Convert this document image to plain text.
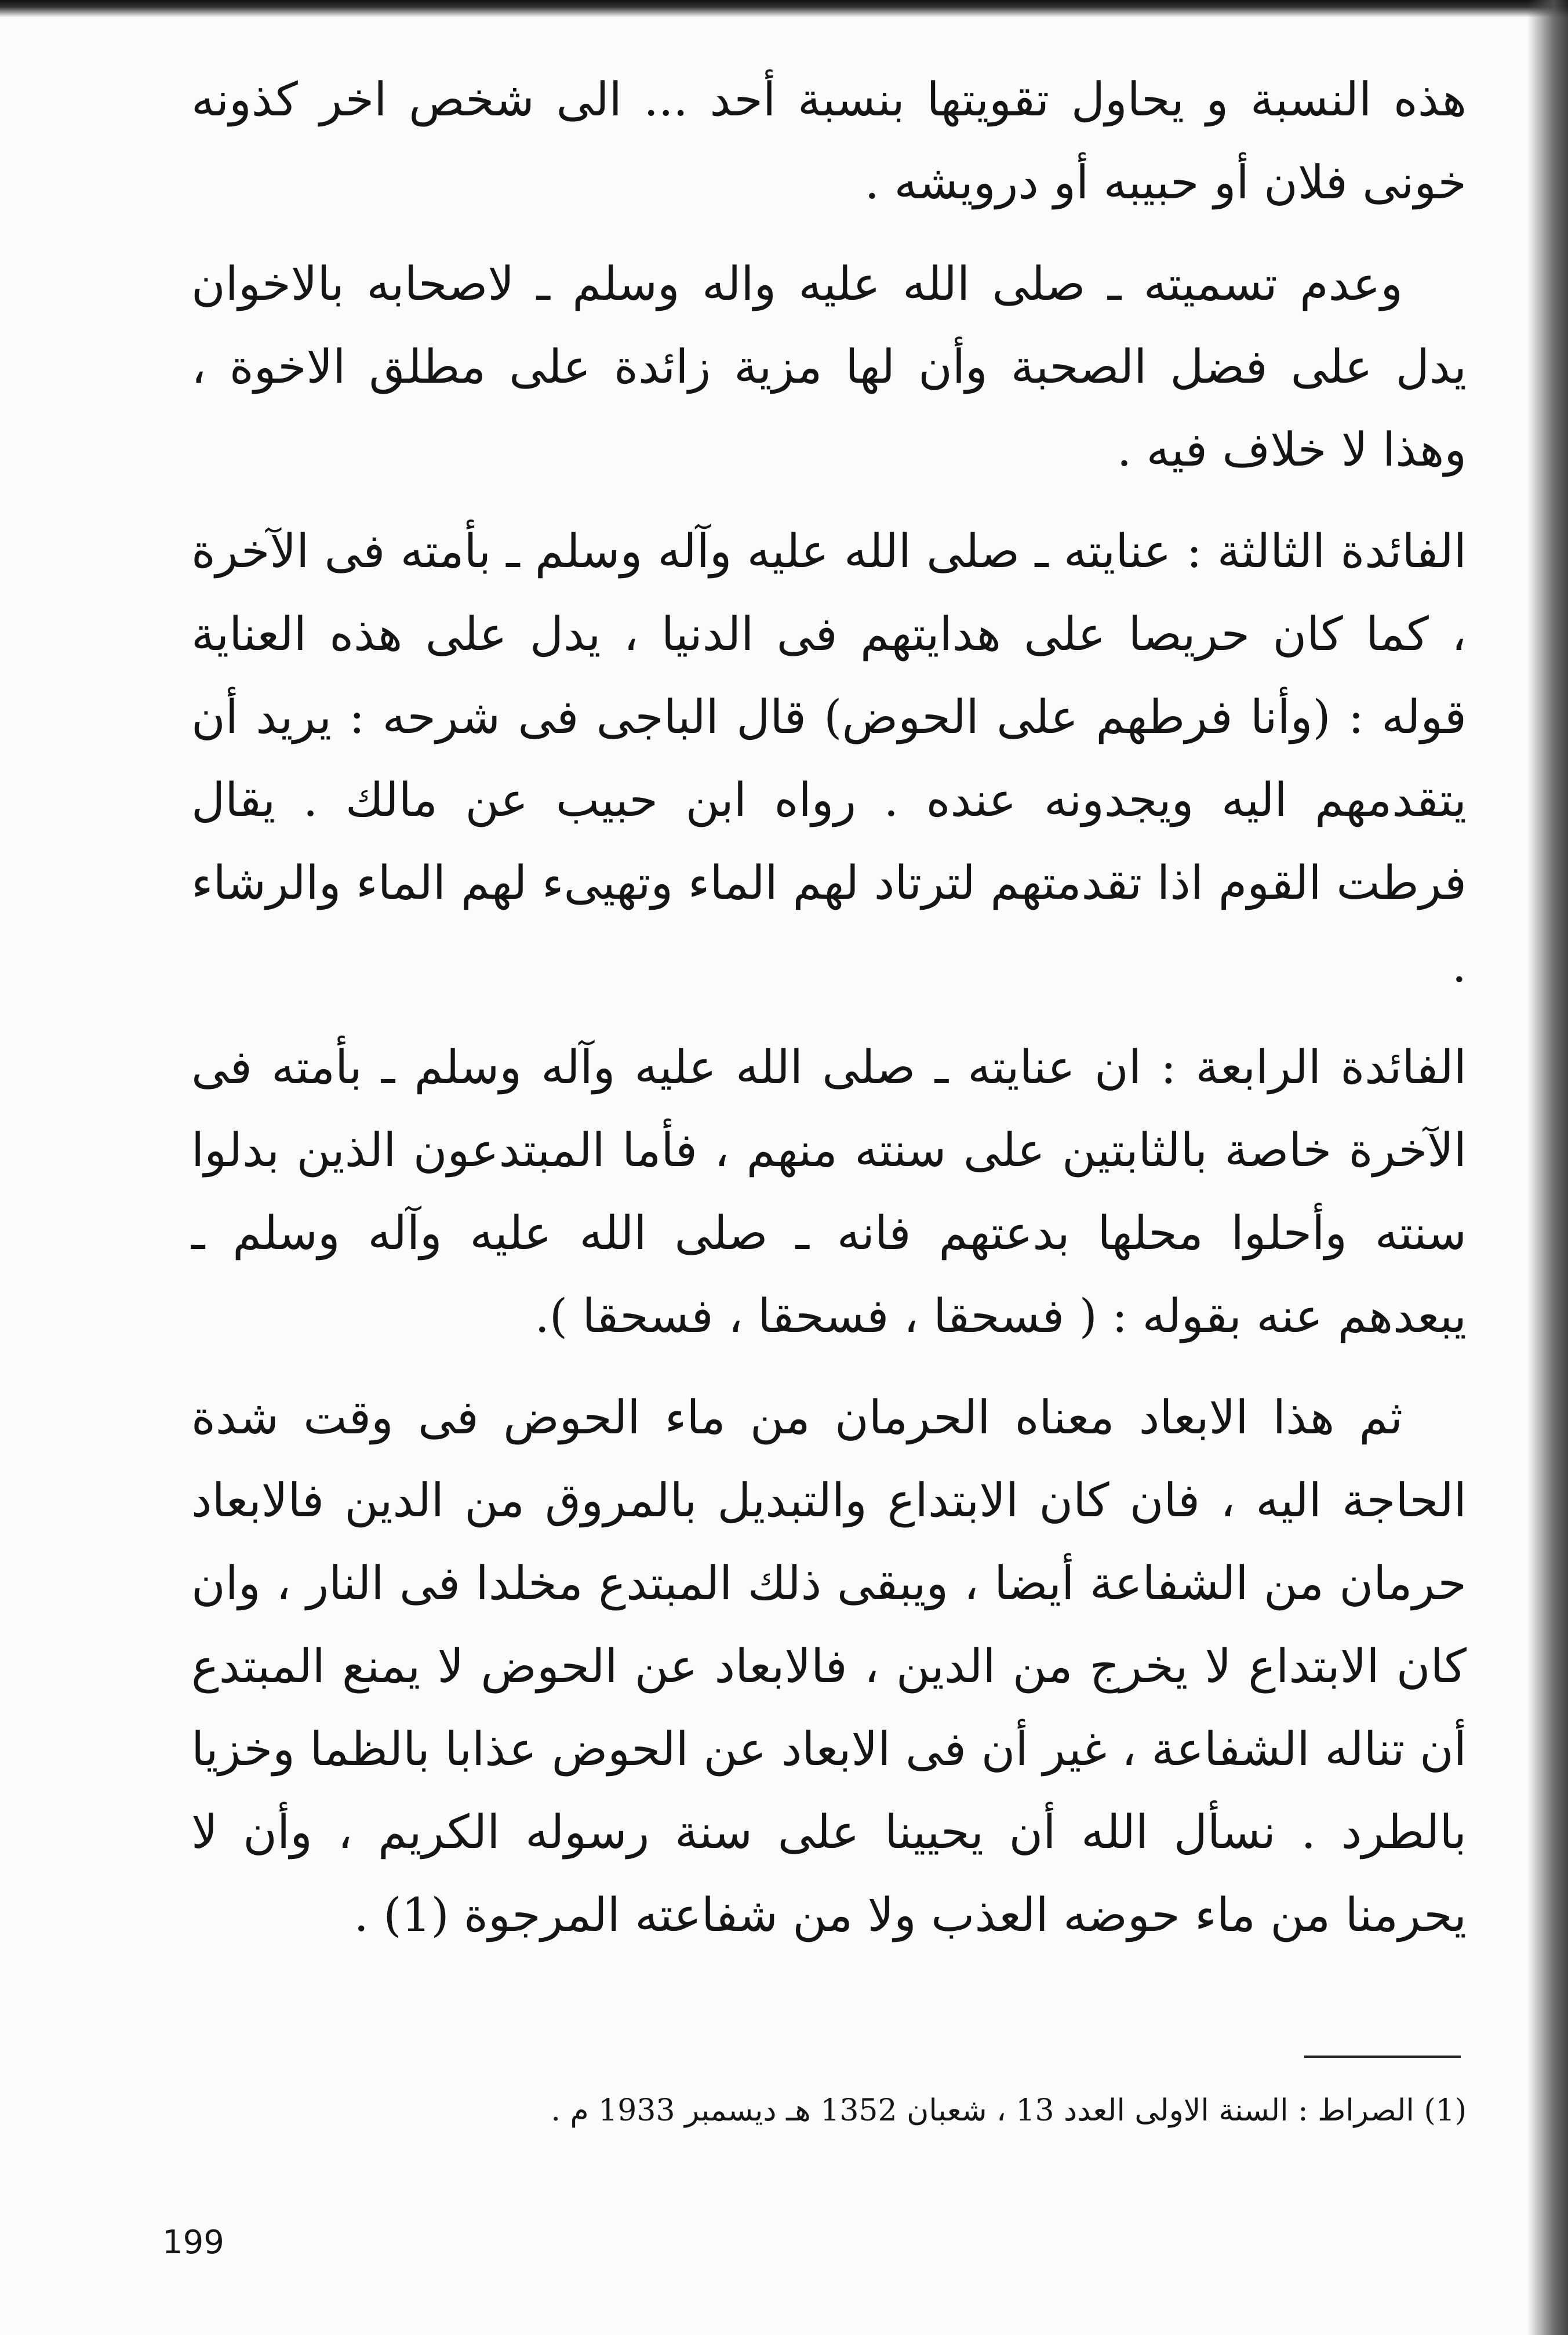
هذه النسبة و يحاول تقويتها بنسبة أحد ... الى شخص اخر كذونه خونى فلان أو حبيبه أو درويشه .

وعدم تسميته ـ صلى الله عليه واله وسلم ـ لاصحابه بالاخوان يدل على فضل الصحبة وأن لها مزية زائدة على مطلق الاخوة ، وهذا لا خلاف فيه .

الفائدة الثالثة : عنايته ـ صلى الله عليه وآله وسلم ـ بأمته فى الآخرة ، كما كان حريصا على هدايتهم فى الدنيا ، يدل على هذه العناية قوله : (وأنا فرطهم على الحوض) قال الباجى فى شرحه : يريد أن يتقدمهم اليه ويجدونه عنده . رواه ابن حبيب عن مالك . يقال فرطت القوم اذا تقدمتهم لترتاد لهم الماء وتهيىء لهم الماء والرشاء .

الفائدة الرابعة : ان عنايته ـ صلى الله عليه وآله وسلم ـ بأمته فى الآخرة خاصة بالثابتين على سنته منهم ، فأما المبتدعون الذين بدلوا سنته وأحلوا محلها بدعتهم فانه ـ صلى الله عليه وآله وسلم ـ يبعدهم عنه بقوله : ( فسحقا ، فسحقا ، فسحقا ).

ثم هذا الابعاد معناه الحرمان من ماء الحوض فى وقت شدة الحاجة اليه ، فان كان الابتداع والتبديل بالمروق من الدين فالابعاد حرمان من الشفاعة أيضا ، ويبقى ذلك المبتدع مخلدا فى النار ، وان كان الابتداع لا يخرج من الدين ، فالابعاد عن الحوض لا يمنع المبتدع أن تناله الشفاعة ، غير أن فى الابعاد عن الحوض عذابا بالظما وخزيا بالطرد . نسأل الله أن يحيينا على سنة رسوله الكريم ، وأن لا يحرمنا من ماء حوضه العذب ولا من شفاعته المرجوة (1) .

(1) الصراط : السنة الاولى العدد 13 ، شعبان 1352 هـ ديسمبر 1933 م .
199
